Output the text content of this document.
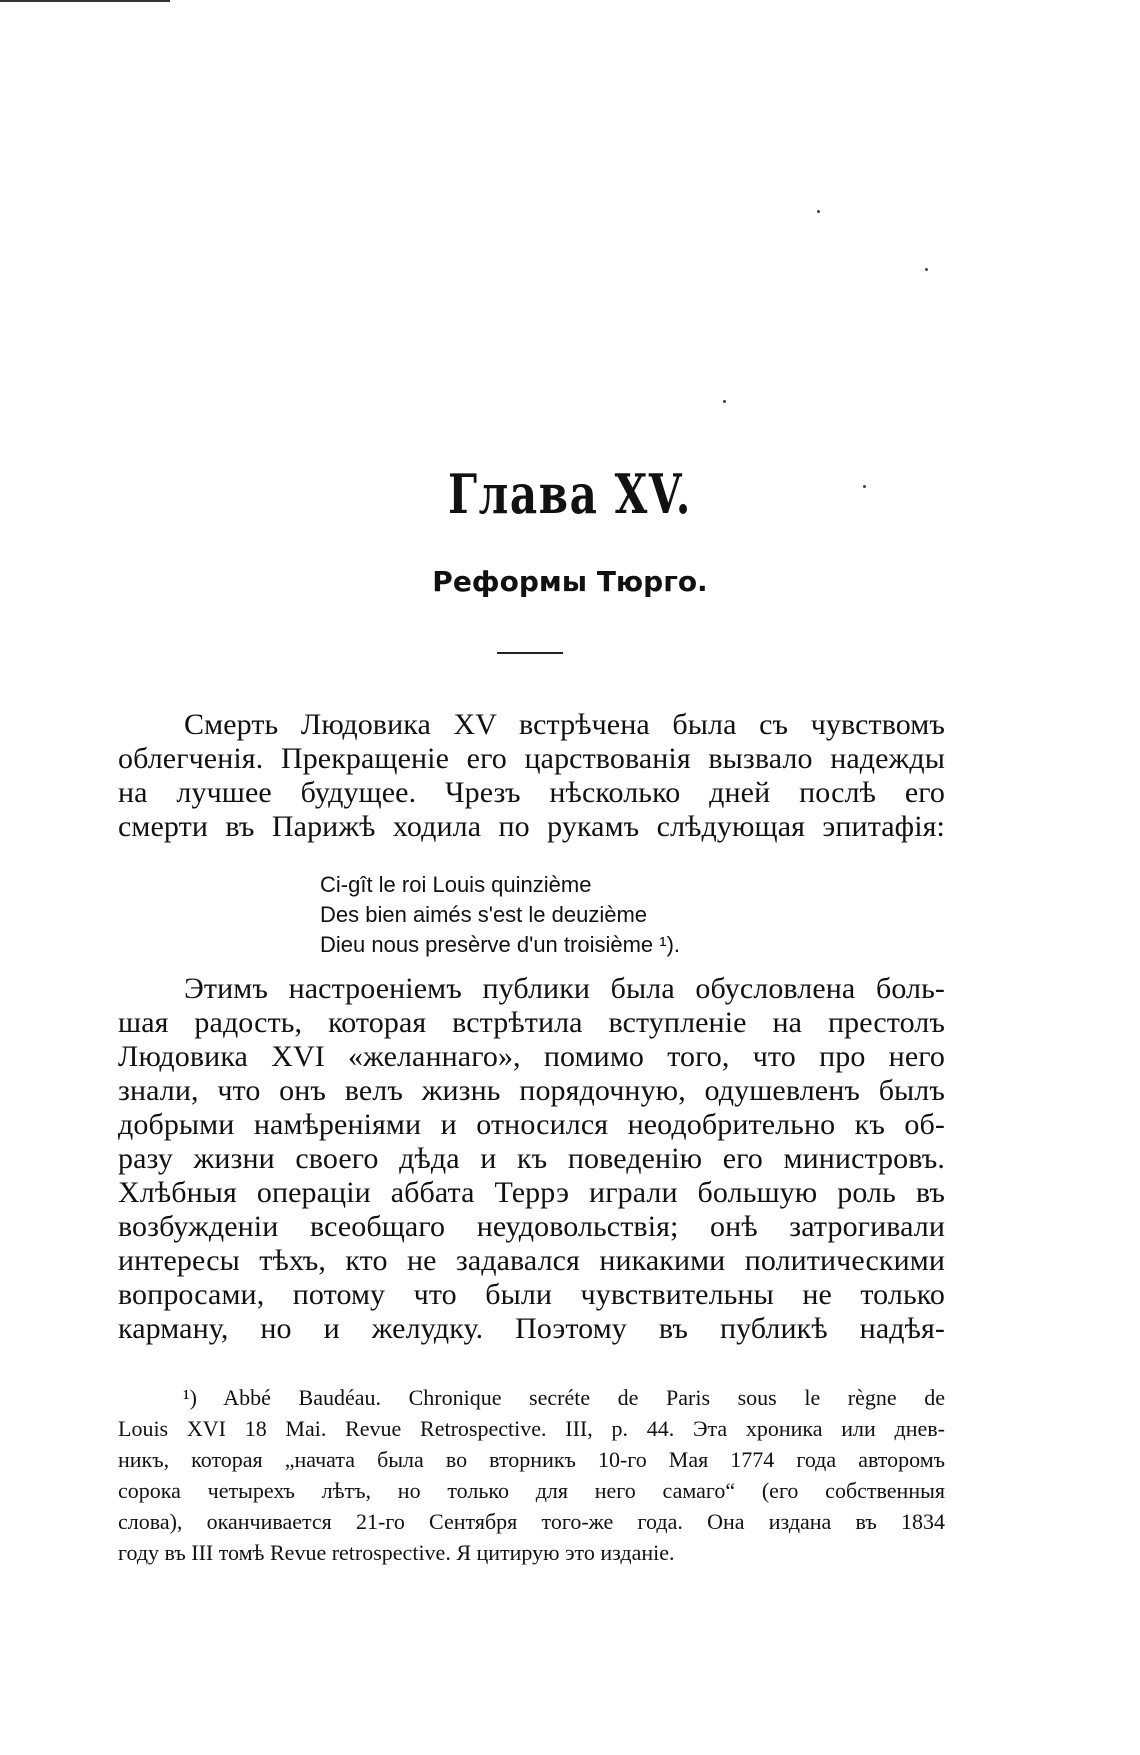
Глава XV.
Реформы Тюрго.
Смерть Людовика XV встрѣчена была съ чувствомъ
облегченія. Прекращеніе его царствованія вызвало надежды
на лучшее будущее. Чрезъ нѣсколько дней послѣ его
смерти въ Парижѣ ходила по рукамъ слѣдующая эпитафія:
Ci-gît le roi Louis quinzième
Des bien aimés s'est le deuzième
Dieu nous presèrve d'un troisième ¹).
Этимъ настроеніемъ публики была обусловлена боль-
шая радость, которая встрѣтила вступленіе на престолъ
Людовика XVI «желаннаго», помимо того, что про него
знали, что онъ велъ жизнь порядочную, одушевленъ былъ
добрыми намѣреніями и относился неодобрительно къ об-
разу жизни своего дѣда и къ поведенію его министровъ.
Хлѣбныя операціи аббата Террэ играли большую роль въ
возбужденіи всеобщаго неудовольствія; онѣ затрогивали
интересы тѣхъ, кто не задавался никакими политическими
вопросами, потому что были чувствительны не только
карману, но и желудку. Поэтому въ публикѣ надѣя-
¹) Abbé Baudéau. Chronique secréte de Paris sous le règne de
Louis XVI 18 Mai. Revue Retrospective. III, p. 44. Эта хроника или днев-
никъ, которая „начата была во вторникъ 10-го Мая 1774 года авторомъ
сорока четырехъ лѣтъ, но только для него самаго“ (его собственныя
слова), оканчивается 21-го Сентября того-же года. Она издана въ 1834
году въ III томѣ Revue retrospective. Я цитирую это изданіе.
